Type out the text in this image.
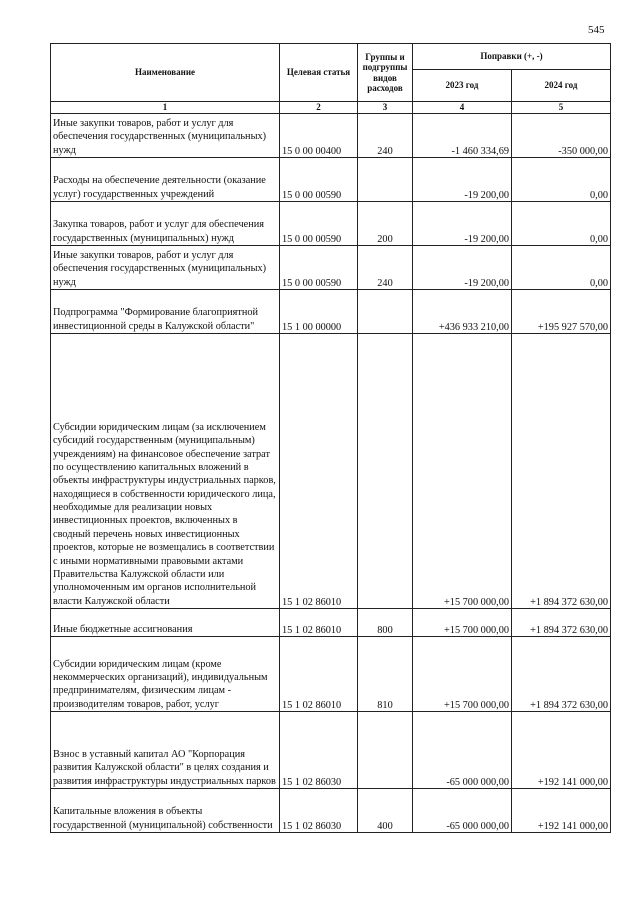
545
Наименование	Целевая статья	Группы и подгруппы видов расходов	Поправки (+, -)	
			2023 год	2024 год
1	2	3	4	5
Иные закупки товаров, работ и услуг для обеспечения государственных (муниципальных) нужд	15 0 00 00400	240	-1 460 334,69	-350 000,00
Расходы на обеспечение деятельности (оказание услуг) государственных учреждений	15 0 00 00590		-19 200,00	0,00
Закупка товаров, работ и услуг для обеспечения государственных (муниципальных) нужд	15 0 00 00590	200	-19 200,00	0,00
Иные закупки товаров, работ и услуг для обеспечения государственных (муниципальных) нужд	15 0 00 00590	240	-19 200,00	0,00
Подпрограмма "Формирование благоприятной инвестиционной среды в Калужской области"	15 1 00 00000		+436 933 210,00	+195 927 570,00
Субсидии юридическим лицам (за исключением субсидий государственным (муниципальным) учреждениям) на финансовое обеспечение затрат по осуществлению капитальных вложений в объекты инфраструктуры индустриальных парков, находящиеся в собственности юридического лица, необходимые для реализации новых инвестиционных проектов, включенных в сводный перечень новых инвестиционных проектов, которые не возмещались в соответствии с иными нормативными правовыми актами Правительства Калужской области или уполномоченным им органов исполнительной власти Калужской области	15 1 02 86010		+15 700 000,00	+1 894 372 630,00
Иные бюджетные ассигнования	15 1 02 86010	800	+15 700 000,00	+1 894 372 630,00
Субсидии юридическим лицам (кроме некоммерческих организаций), индивидуальным предпринимателям, физическим лицам - производителям товаров, работ, услуг	15 1 02 86010	810	+15 700 000,00	+1 894 372 630,00
Взнос в уставный капитал АО "Корпорация развития Калужской области" в целях создания и развития инфраструктуры индустриальных парков	15 1 02 86030		-65 000 000,00	+192 141 000,00
Капитальные вложения в объекты государственной (муниципальной) собственности	15 1 02 86030	400	-65 000 000,00	+192 141 000,00
